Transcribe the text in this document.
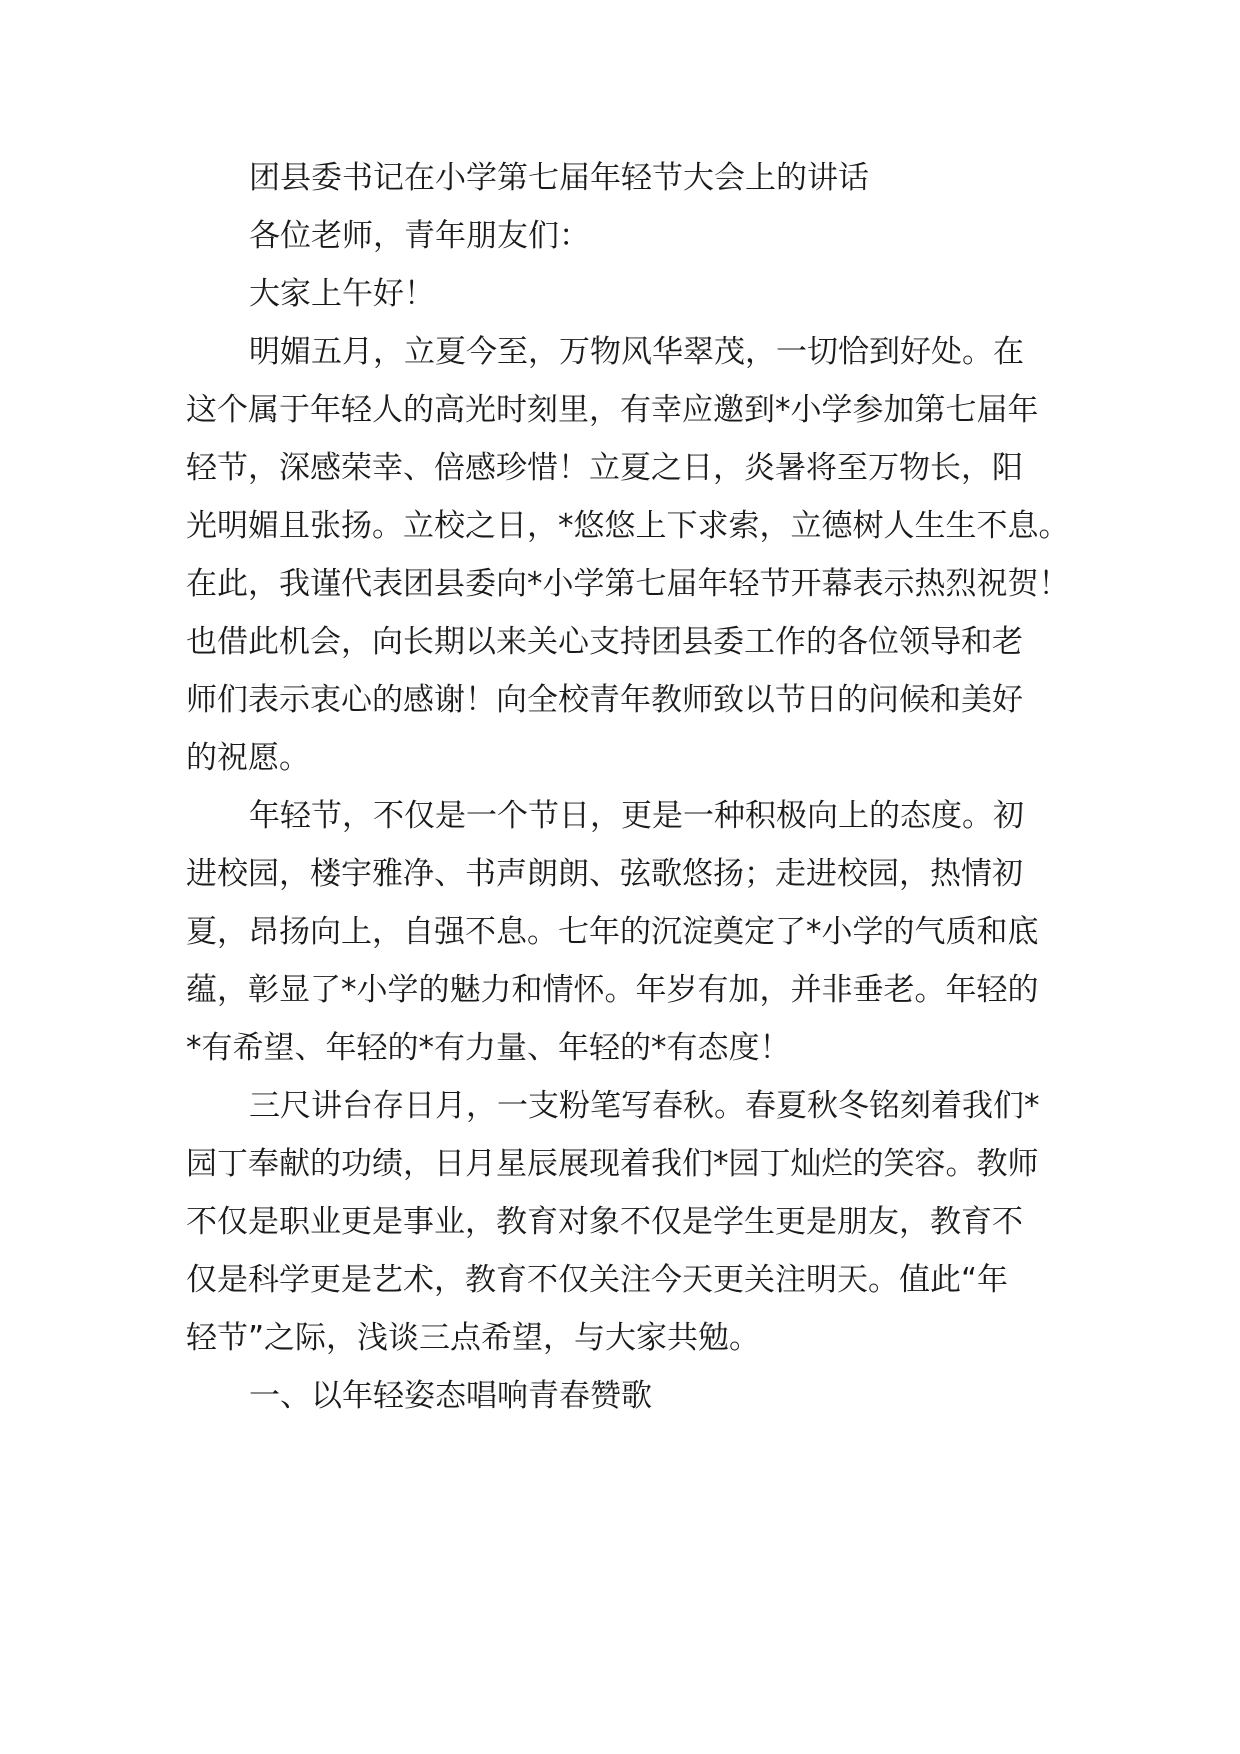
团县委书记在小学第七届年轻节大会上的讲话

各位老师，青年朋友们：

大家上午好！

明媚五月，立夏今至，万物风华翠茂，一切恰到好处。在

这个属于年轻人的高光时刻里，有幸应邀到*小学参加第七届年

轻节，深感荣幸、倍感珍惜！立夏之日，炎暑将至万物长，阳

光明媚且张扬。立校之日，*悠悠上下求索，立德树人生生不息。

在此，我谨代表团县委向*小学第七届年轻节开幕表示热烈祝贺！

也借此机会，向长期以来关心支持团县委工作的各位领导和老

师们表示衷心的感谢！向全校青年教师致以节日的问候和美好

的祝愿。

年轻节，不仅是一个节日，更是一种积极向上的态度。初

进校园，楼宇雅净、书声朗朗、弦歌悠扬；走进校园，热情初

夏，昂扬向上，自强不息。七年的沉淀奠定了*小学的气质和底

蕴，彰显了*小学的魅力和情怀。年岁有加，并非垂老。年轻的

*有希望、年轻的*有力量、年轻的*有态度！

三尺讲台存日月，一支粉笔写春秋。春夏秋冬铭刻着我们*

园丁奉献的功绩，日月星辰展现着我们*园丁灿烂的笑容。教师

不仅是职业更是事业，教育对象不仅是学生更是朋友，教育不

仅是科学更是艺术，教育不仅关注今天更关注明天。值此“年

轻节”之际，浅谈三点希望，与大家共勉。

一、以年轻姿态唱响青春赞歌
